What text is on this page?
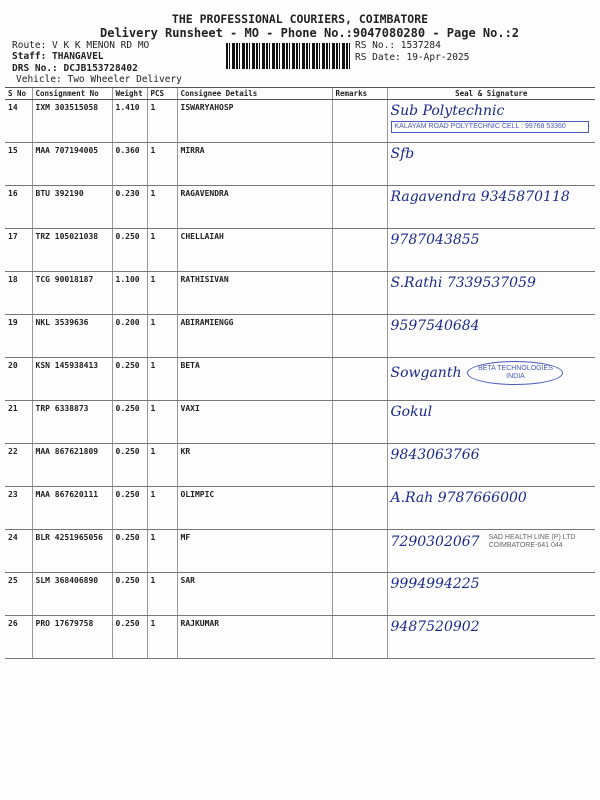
THE PROFESSIONAL COURIERS, COIMBATORE
Delivery Runsheet - MO - Phone No.:9047080280 - Page No.:2
Route: V K K MENON RD MO
Staff: THANGAVEL
DRS No.: DCJB153728402
Vehicle: Two Wheeler Delivery
RS No.: 1537284
RS Date: 19-Apr-2025
S No	Consignment No	Weight	PCS	Consignee Details	Remarks	Seal & Signature
14	IXM 303515058	1.410	1	ISWARYAHOSP		Sub Polytechnic
KALAYAM ROAD POLYTECHNIC CELL : 99768 53360

15	MAA 707194005	0.360	1	MIRRA		Sfb

16	BTU 392190	0.230	1	RAGAVENDRA		Ragavendra 9345870118

17	TRZ 105021038	0.250	1	CHELLAIAH		9787043855

18	TCG 90018187	1.100	1	RATHISIVAN		S.Rathi 7339537059

19	NKL 3539636	0.200	1	ABIRAMIENGG		9597540684

20	KSN 145938413	0.250	1	BETA		Sowganth BETA TECHNOLOGIES INDIA

21	TRP 6338873	0.250	1	VAXI		Gokul

22	MAA 867621809	0.250	1	KR		9843063766

23	MAA 867620111	0.250	1	OLIMPIC		A.Rah 9787666000

24	BLR 4251965056	0.250	1	MF		7290302067 SAD HEALTH LINE (P) LTD COIMBATORE-641 044

25	SLM 368406890	0.250	1	SAR		9994994225

26	PRO 17679758	0.250	1	RAJKUMAR		9487520902
